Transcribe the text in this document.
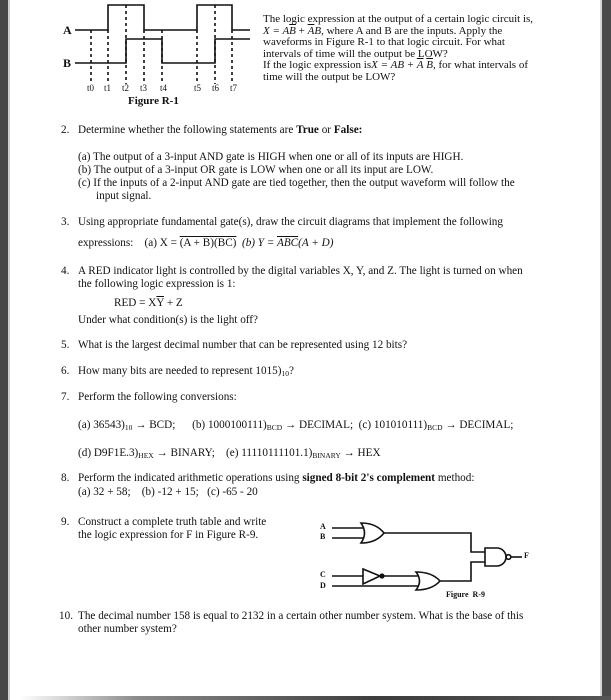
A
B
t0 t1 t2 t3 t4	t5 t6 t7
Figure R-1
The logic expression at the output of a certain logic circuit is,
$X = A\overline{B} + \overline{A}B$, where A and B are the inputs. Apply the
waveforms in Figure R-1 to that logic circuit. For what
intervals of time will the output be LOW?
If the logic expression isX = AB + $\overline{A}$ $\overline{B}$, for what intervals of
time will the output be LOW?
2. Determine whether the following statements are True or False:
(a) The output of a 3-input AND gate is HIGH when one or all of its inputs are HIGH.
(b) The output of a 3-input OR gate is LOW when one or all its input are LOW.
(c) If the inputs of a 2-input AND gate are tied together, then the output waveform will follow the
input signal.
3. Using appropriate fundamental gate(s), draw the circuit diagrams that implement the following
expressions: (a) X = (A + B)(BC) (b) $Y = \overline{ABC}(A + D)$
4. A RED indicator light is controlled by the digital variables X, Y, and Z. The light is turned on when
the following logic expression is 1:
RED = $X\overline{Y} + Z$
Under what condition(s) is the light off?
5. What is the largest decimal number that can be represented using 12 bits?
6. How many bits are needed to represent $1015)_{10}$?
7. Perform the following conversions:
(a) $36543)_{10}$ → BCD; (b) $1000100111)_{BCD}$ → DECIMAL; (c) $101010111)_{BCD}$ → DECIMAL;
(d) $D9F1E.3)_{HEX}$ → BINARY; (e) $11110111101.1)_{BINARY}$ → HEX
8. Perform the indicated arithmetic operations using signed 8-bit 2's complement method:
(a) 32 + 58;    (b) -12 + 15;   (c) -65 - 20
9. Construct a complete truth table and write
the logic expression for F in Figure R-9.
A
B
C
D
F
Figure  R-9
10. The decimal number 158 is equal to 2132 in a certain other number system. What is the base of this
other number system?
